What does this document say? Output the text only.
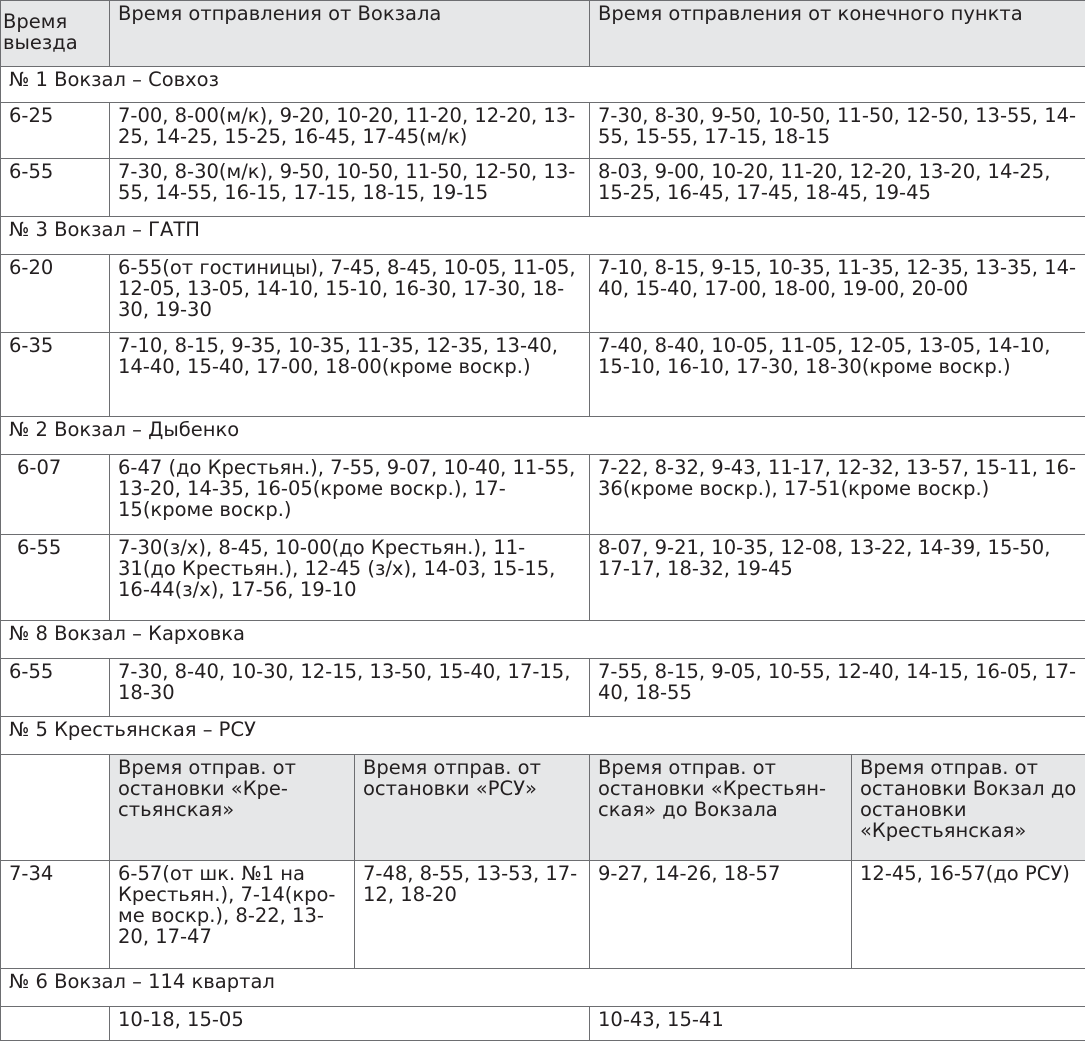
Время выезда	Время отправления от Вокзала		Время отправления от конечного пункта	
№ 1 Вокзал – Совхоз				
6-25	7-00, 8-00(м/к), 9-20, 10-20, 11-20, 12-20, 13-25, 14-25, 15-25, 16-45, 17-45(м/к)		7-30, 8-30, 9-50, 10-50, 11-50, 12-50, 13-55, 14-55, 15-55, 17-15, 18-15	
6-55	7-30, 8-30(м/к), 9-50, 10-50, 11-50, 12-50, 13-55, 14-55, 16-15, 17-15, 18-15, 19-15		8-03, 9-00, 10-20, 11-20, 12-20, 13-20, 14-25, 15-25, 16-45, 17-45, 18-45, 19-45	
№ 3 Вокзал – ГАТП				
6-20	6-55(от гостиницы), 7-45, 8-45, 10-05, 11-05, 12-05, 13-05, 14-10, 15-10, 16-30, 17-30, 18-30, 19-30		7-10, 8-15, 9-15, 10-35, 11-35, 12-35, 13-35, 14-40, 15-40, 17-00, 18-00, 19-00, 20-00	
6-35	7-10, 8-15, 9-35, 10-35, 11-35, 12-35, 13-40, 14-40, 15-40, 17-00, 18-00(кроме воскр.)		7-40, 8-40, 10-05, 11-05, 12-05, 13-05, 14-10, 15-10, 16-10, 17-30, 18-30(кроме воскр.)	
№ 2 Вокзал – Дыбенко				
6-07	6-47 (до Крестьян.), 7-55, 9-07, 10-40, 11-55, 13-20, 14-35, 16-05(кроме воскр.), 17-15(кроме воскр.)		7-22, 8-32, 9-43, 11-17, 12-32, 13-57, 15-11, 16-36(кроме воскр.), 17-51(кроме воскр.)	
6-55	7-30(з/х), 8-45, 10-00(до Крестьян.), 11-31(до Крестьян.), 12-45 (з/х), 14-03, 15-15, 16-44(з/х), 17-56, 19-10		8-07, 9-21, 10-35, 12-08, 13-22, 14-39, 15-50, 17-17, 18-32, 19-45	
№ 8 Вокзал – Карховка				
6-55	7-30, 8-40, 10-30, 12-15, 13-50, 15-40, 17-15, 18-30		7-55, 8-15, 9-05, 10-55, 12-40, 14-15, 16-05, 17-40, 18-55	
№ 5 Крестьянская – РСУ				
	Время отправ. от остановки «Кре-стьянская»	Время отправ. от остановки «РСУ»	Время отправ. от остановки «Крестьян-ская» до Вокзала	Время отправ. от остановки Вокзал до остановки «Крестьянская»
7-34	6-57(от шк. №1 на Крестьян.), 7-14(кро-ме воскр.), 8-22, 13-20, 17-47	7-48, 8-55, 13-53, 17-12, 18-20	9-27, 14-26, 18-57	12-45, 16-57(до РСУ)
№ 6 Вокзал – 114 квартал				
	10-18, 15-05		10-43, 15-41	
